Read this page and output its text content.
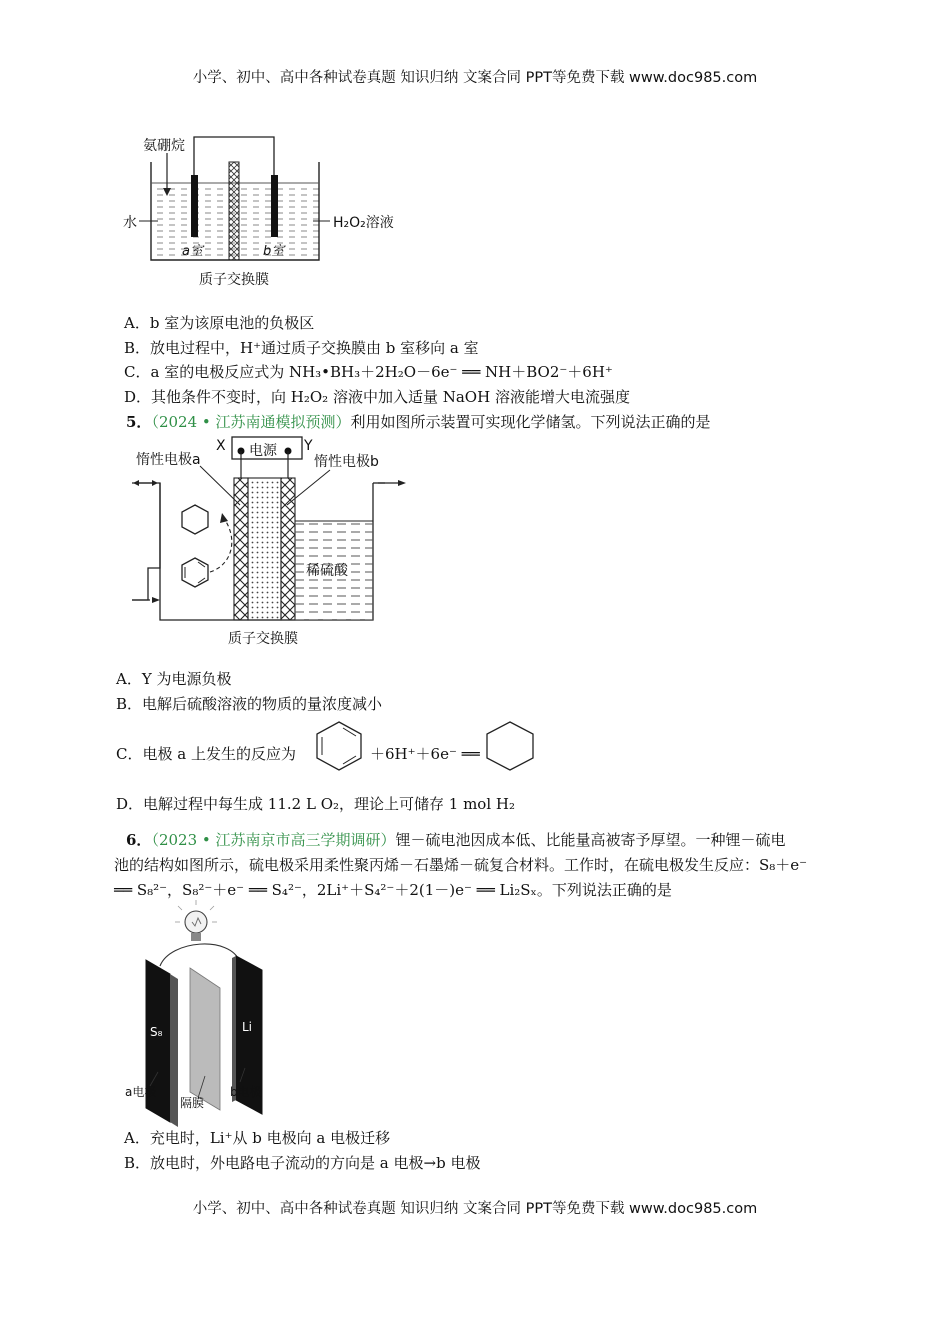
小学、初中、高中各种试卷真题 知识归纳 文案合同 PPT等免费下载 www.doc985.com
氨硼烷
水	H₂O₂溶液
a室	b室
质子交换膜
A．b 室为该原电池的负极区
B．放电过程中，H⁺通过质子交换膜由 b 室移向 a 室
C．a 室的电极反应式为 NH₃•BH₃＋2H₂O－6e⁻ ══ NH＋BO2⁻＋6H⁺
D．其他条件不变时，向 H₂O₂ 溶液中加入适量 NaOH 溶液能增大电流强度
5．（2024 • 江苏南通模拟预测）利用如图所示装置可实现化学储氢。下列说法正确的是
X	Y
电源
惰性电极a	惰性电极b
稀硫酸
质子交换膜
A．Y 为电源负极
B．电解后硫酸溶液的物质的量浓度减小
C．电极 a 上发生的反应为	＋6H⁺＋6e⁻ ══
D．电解过程中每生成 11.2 L O₂，理论上可储存 1 mol H₂
6．（2023 • 江苏南京市高三学期调研）锂－硫电池因成本低、比能量高被寄予厚望。一种锂－硫电
池的结构如图所示，硫电极采用柔性聚丙烯－石墨烯－硫复合材料。工作时，在硫电极发生反应：S₈＋e⁻
══ S₈²⁻，S₈²⁻＋e⁻ ══ S₄²⁻，2Li⁺＋S₄²⁻＋2(1－)e⁻ ══ Li₂Sₓ。下列说法正确的是
S₈	Li
a电极
隔膜
b电极
A．充电时，Li⁺从 b 电极向 a 电极迁移
B．放电时，外电路电子流动的方向是 a 电极→b 电极
小学、初中、高中各种试卷真题 知识归纳 文案合同 PPT等免费下载 www.doc985.com
